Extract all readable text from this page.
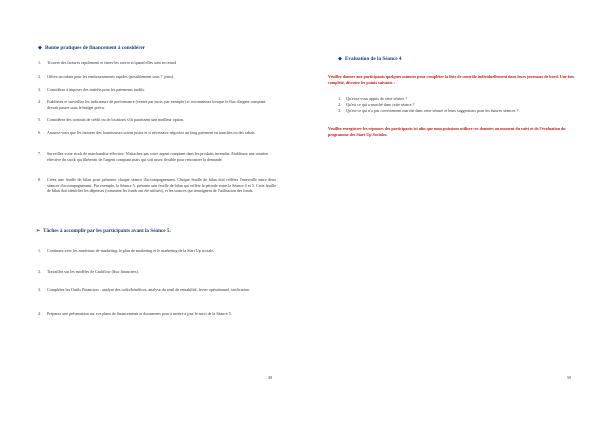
◆ Bonne pratiques de financement à considérer
1. Trouver des factures rapidement et faites-les suivre si/quand elles sont en retard
2. Offrez un rabais pour les remboursements rapides (possiblement sous 7 jours).
3. Considérez à imposer des intérêts pour les paiements tardifs.
4. Etablissez et surveillez les indicateurs de performance (ventes par mois, par exemple) et reconnaissez lorsque le flux d'argent comptant devrait passer sous le budget prévu.
5. Considérez des contrats de crédit ou de locations s'ils paraissent une meilleur option.
6. Assurez-vous que les factures des fournisseurs soient justes et si nécessaire négociez un long paiement en tranches ou des rabais
7. Surveillez votre stock de marchandise effective. N'attachez pas votre argent comptant dans les produits invendus. Etablissez une rotation effective du stock qui libérerait de l'argent comptant mais qui soit assez flexible pour rencontrer la demande.
8. Créez une feuille de bilan pour présenter chaque séance d'accompagnement. Chaque feuille de bilan doit refléter l'intervalle entre deux séances d'accompagnement. Par exemple, la Séance 5, présente une feuille de bilan qui reflète la période entre la Séance 4 et 5. Cette feuille de bilan doit identifier les dépenses (comment les fonds ont été utilisés), et les sources qui témoignent de l'utilisation des fonds.
➢ Tâches à accomplir par les participants avant la Séance 5.
1. Continuez avec les matériaux de marketing, le plan de marketing et le marketing de la Start Up sociale.
2. Travaillez sur les modèles de Cashflow (flux financiers).
3. Complétez les Outils Financiers : analyse des coûts/bénéfices, analyse du seuil de rentabilité, levier opérationnel, tarification.
4. Préparez une présentation sur vos plans de financements et documents pour à mettre à jour le suivi de la Séance 5.
49
◆ Evaluation de la Séance 4
Veuillez donner aux participants quelques minutes pour compléter la liste de contrôle individuellement dans leurs journaux de bord. Une fois complété, discutez les points suivants :
1. Qu'avez-vous appris de cette séance ?
2. Qu'est ce qui a marché dans cette séance ?
3. Qu'est-ce qui n'a pas correctement marché dans cette séance et leurs suggestions pour les futures séances ?
Veuillez enregistrer les réponses des participants ici afin que nous puissions utiliser ces données au moment du suivi et de l'évaluation du programme des Start Up Sociales.
50
